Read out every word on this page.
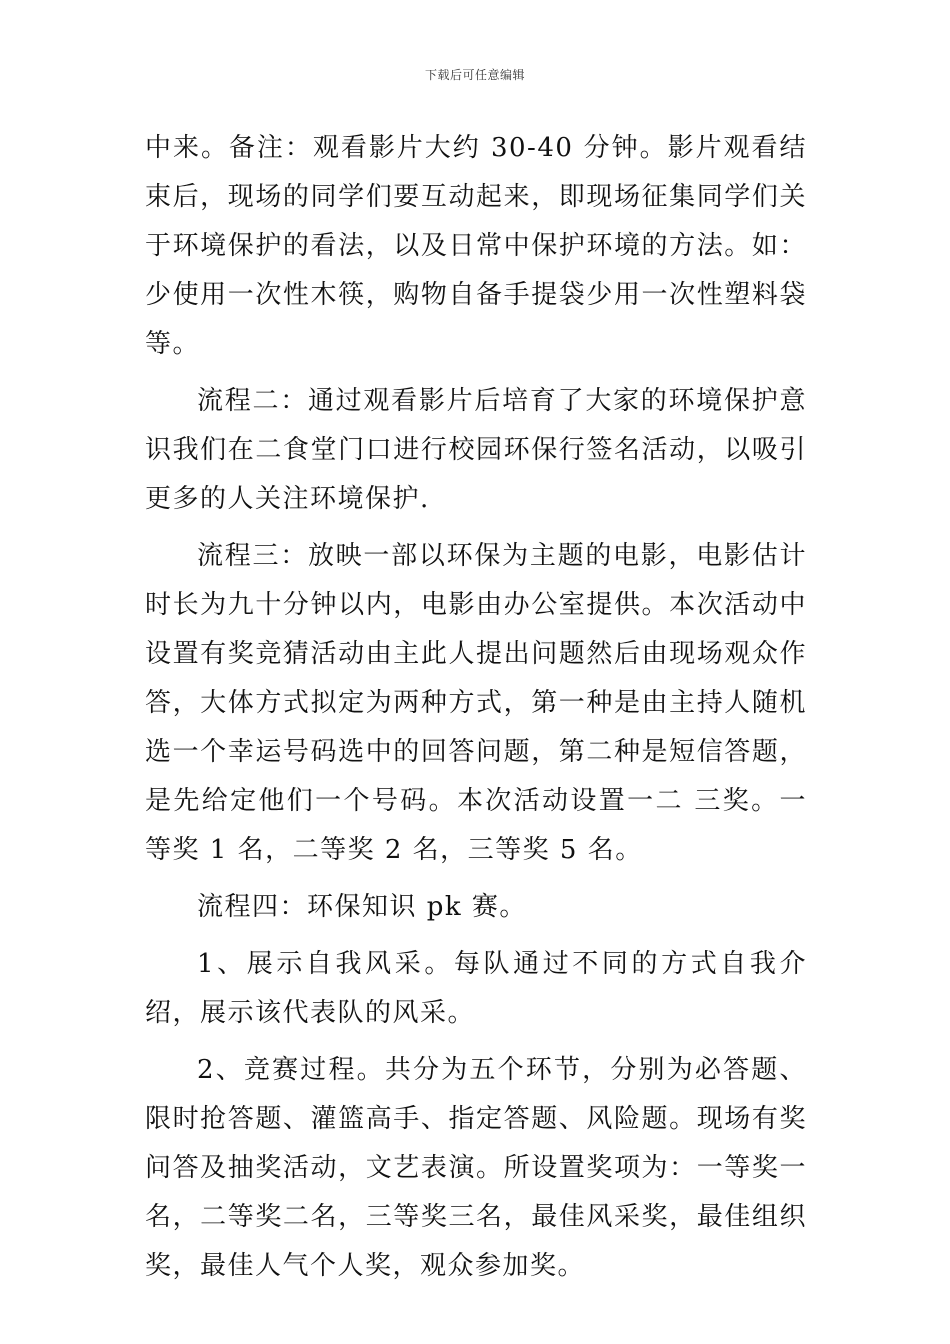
下载后可任意编辑

中来。备注：观看影片大约 30-40 分钟。影片观看结束后，现场的同学们要互动起来，即现场征集同学们关于环境保护的看法，以及日常中保护环境的方法。如：少使用一次性木筷，购物自备手提袋少用一次性塑料袋等。

流程二：通过观看影片后培育了大家的环境保护意识我们在二食堂门口进行校园环保行签名活动，以吸引更多的人关注环境保护.

流程三：放映一部以环保为主题的电影，电影估计时长为九十分钟以内，电影由办公室提供。本次活动中设置有奖竞猜活动由主此人提出问题然后由现场观众作答，大体方式拟定为两种方式，第一种是由主持人随机选一个幸运号码选中的回答问题，第二种是短信答题，是先给定他们一个号码。本次活动设置一二 三奖。一等奖 1 名，二等奖 2 名，三等奖 5 名。

流程四：环保知识 pk 赛。

1、展示自我风采。每队通过不同的方式自我介绍，展示该代表队的风采。

2、竞赛过程。共分为五个环节，分别为必答题、限时抢答题、灌篮高手、指定答题、风险题。现场有奖问答及抽奖活动，文艺表演。所设置奖项为：一等奖一名，二等奖二名，三等奖三名，最佳风采奖，最佳组织奖，最佳人气个人奖，观众参加奖。
